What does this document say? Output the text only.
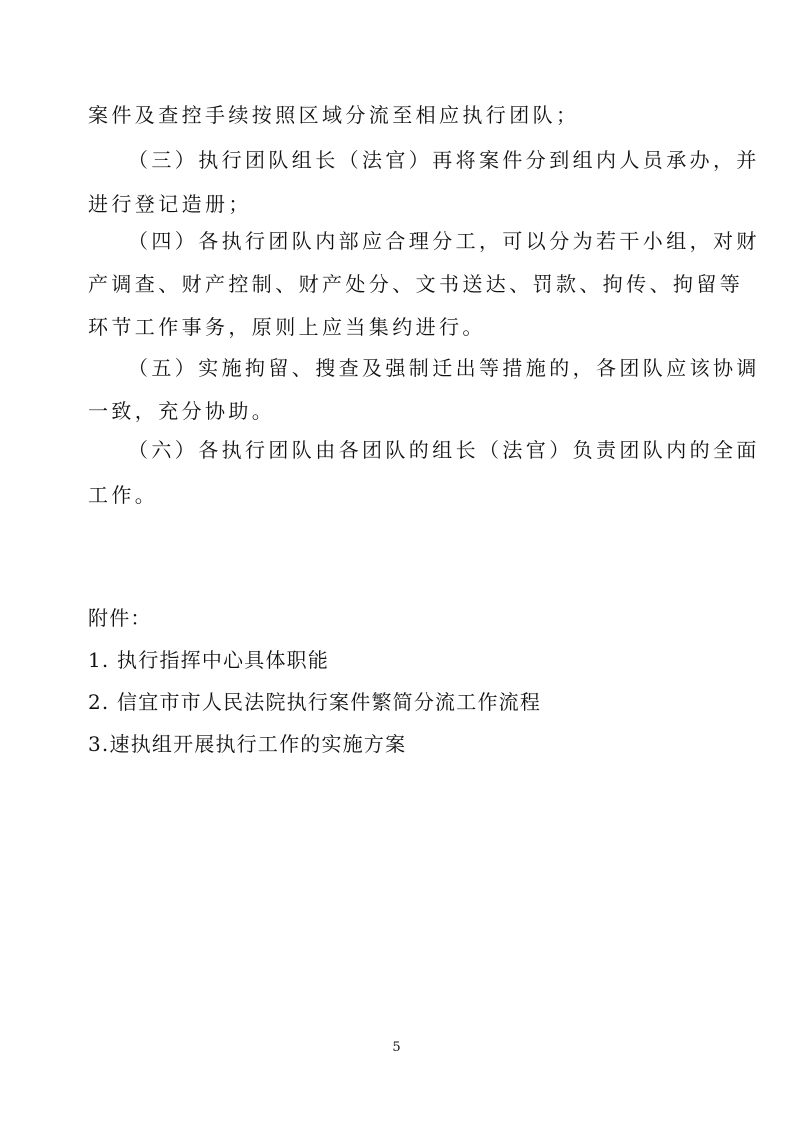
案件及查控手续按照区域分流至相应执行团队；
（三）执行团队组长（法官）再将案件分到组内人员承办，并
进行登记造册；
（四）各执行团队内部应合理分工，可以分为若干小组，对财
产调查、财产控制、财产处分、文书送达、罚款、拘传、拘留等
环节工作事务，原则上应当集约进行。
（五）实施拘留、搜查及强制迁出等措施的，各团队应该协调
一致，充分协助。
（六）各执行团队由各团队的组长（法官）负责团队内的全面
工作。
附件：
1. 执行指挥中心具体职能
2. 信宜市市人民法院执行案件繁简分流工作流程
3.速执组开展执行工作的实施方案
5
